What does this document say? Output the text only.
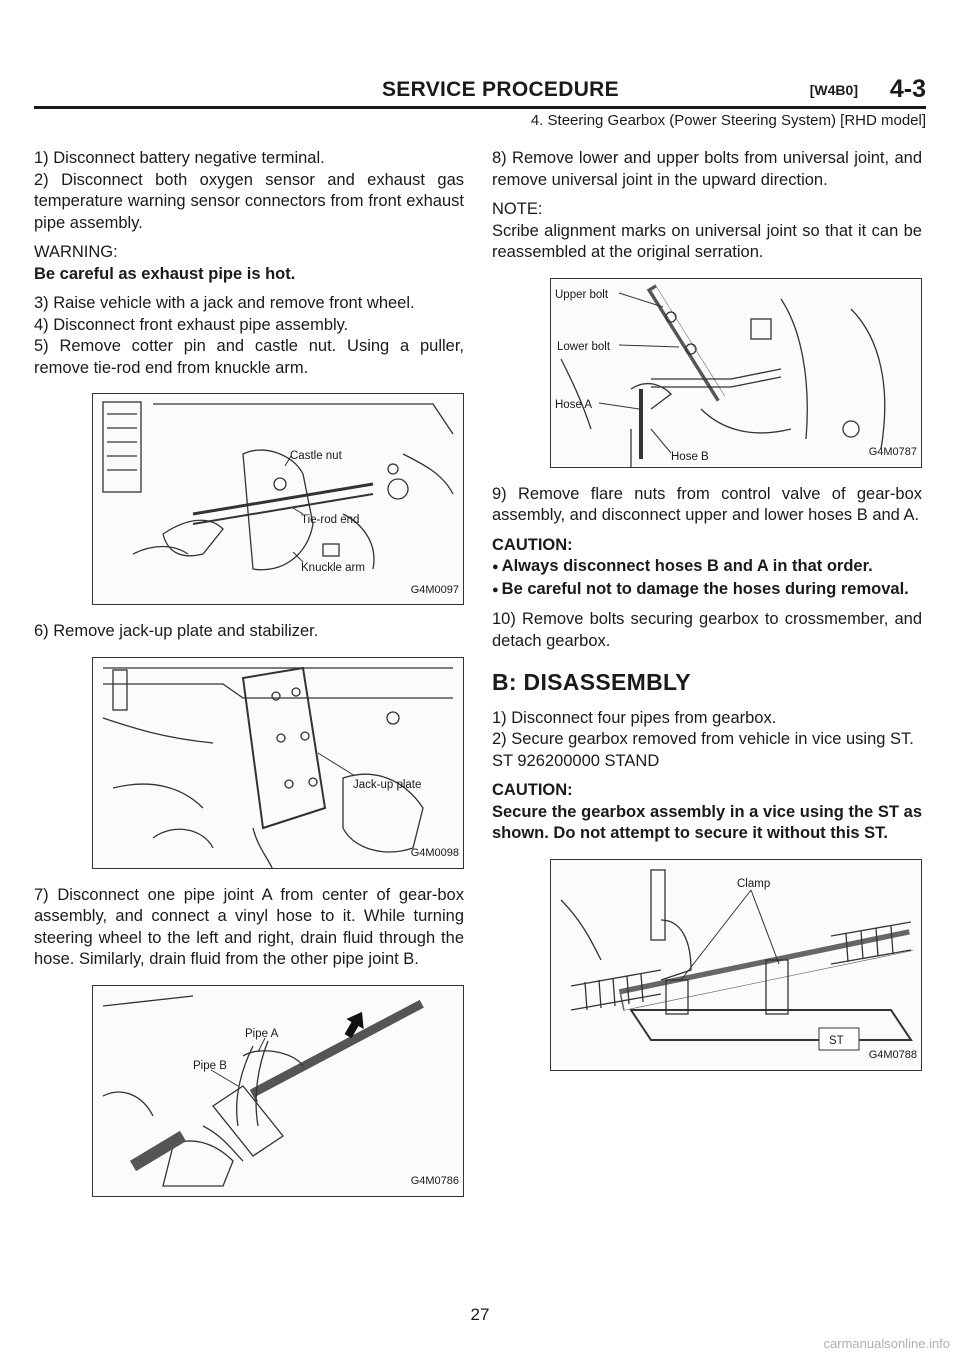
SERVICE PROCEDURE	[W4B0] 4-3
4. Steering Gearbox (Power Steering System) [RHD model]

1) Disconnect battery negative terminal.

2) Disconnect both oxygen sensor and exhaust gas temperature warning sensor connectors from front exhaust pipe assembly.

WARNING:

Be careful as exhaust pipe is hot.

3) Raise vehicle with a jack and remove front wheel.

4) Disconnect front exhaust pipe assembly.

5) Remove cotter pin and castle nut. Using a puller, remove tie-rod end from knuckle arm.

Castle nut
Tie-rod end
Knuckle arm
G4M0097

6) Remove jack-up plate and stabilizer.

Jack-up plate
G4M0098

7) Disconnect one pipe joint A from center of gear-box assembly, and connect a vinyl hose to it. While turning steering wheel to the left and right, drain fluid through the hose. Similarly, drain fluid from the other pipe joint B.

Pipe A
Pipe B
G4M0786

8) Remove lower and upper bolts from universal joint, and remove universal joint in the upward direction.

NOTE:

Scribe alignment marks on universal joint so that it can be reassembled at the original serration.

Upper bolt
Lower bolt
Hose A
Hose B	G4M0787

9) Remove flare nuts from control valve of gear-box assembly, and disconnect upper and lower hoses B and A.

CAUTION:

● Always disconnect hoses B and A in that order.

● Be careful not to damage the hoses during removal.

10) Remove bolts securing gearbox to crossmember, and detach gearbox.

B: DISASSEMBLY

1) Disconnect four pipes from gearbox.

2) Secure gearbox removed from vehicle in vice using ST.

ST 926200000 STAND

CAUTION:

Secure the gearbox assembly in a vice using the ST as shown. Do not attempt to secure it without this ST.

Clamp
ST
G4M0788
27
carmanualsonline.info
